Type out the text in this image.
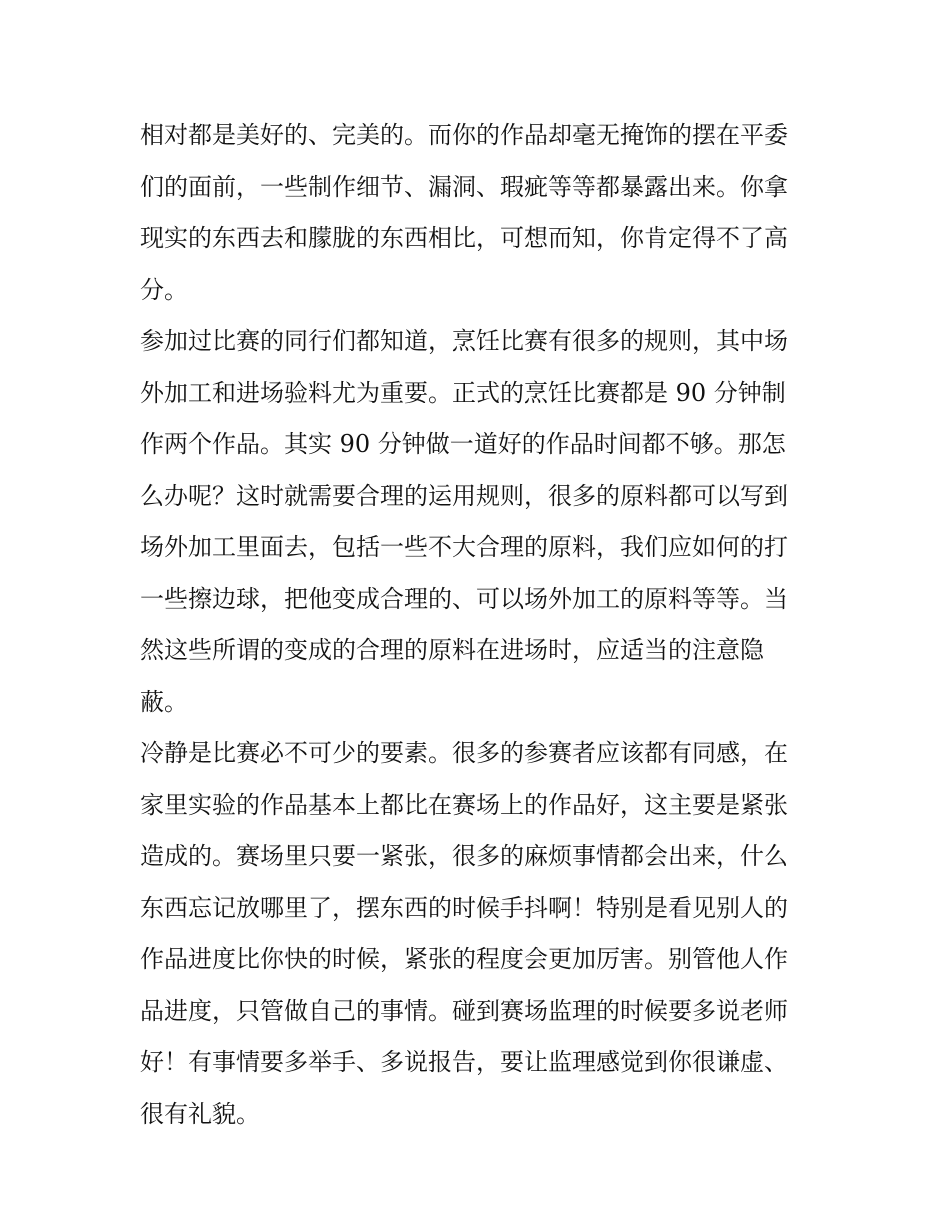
相对都是美好的、完美的。而你的作品却毫无掩饰的摆在平委
们的面前，一些制作细节、漏洞、瑕疵等等都暴露出来。你拿
现实的东西去和朦胧的东西相比，可想而知，你肯定得不了高
分。
参加过比赛的同行们都知道，烹饪比赛有很多的规则，其中场
外加工和进场验料尤为重要。正式的烹饪比赛都是 90 分钟制
作两个作品。其实 90 分钟做一道好的作品时间都不够。那怎
么办呢？这时就需要合理的运用规则，很多的原料都可以写到
场外加工里面去，包括一些不大合理的原料，我们应如何的打
一些擦边球，把他变成合理的、可以场外加工的原料等等。当
然这些所谓的变成的合理的原料在进场时，应适当的注意隐
蔽。
冷静是比赛必不可少的要素。很多的参赛者应该都有同感，在
家里实验的作品基本上都比在赛场上的作品好，这主要是紧张
造成的。赛场里只要一紧张，很多的麻烦事情都会出来，什么
东西忘记放哪里了，摆东西的时候手抖啊！特别是看见别人的
作品进度比你快的时候，紧张的程度会更加厉害。别管他人作
品进度，只管做自己的事情。碰到赛场监理的时候要多说老师
好！有事情要多举手、多说报告，要让监理感觉到你很谦虚、
很有礼貌。
